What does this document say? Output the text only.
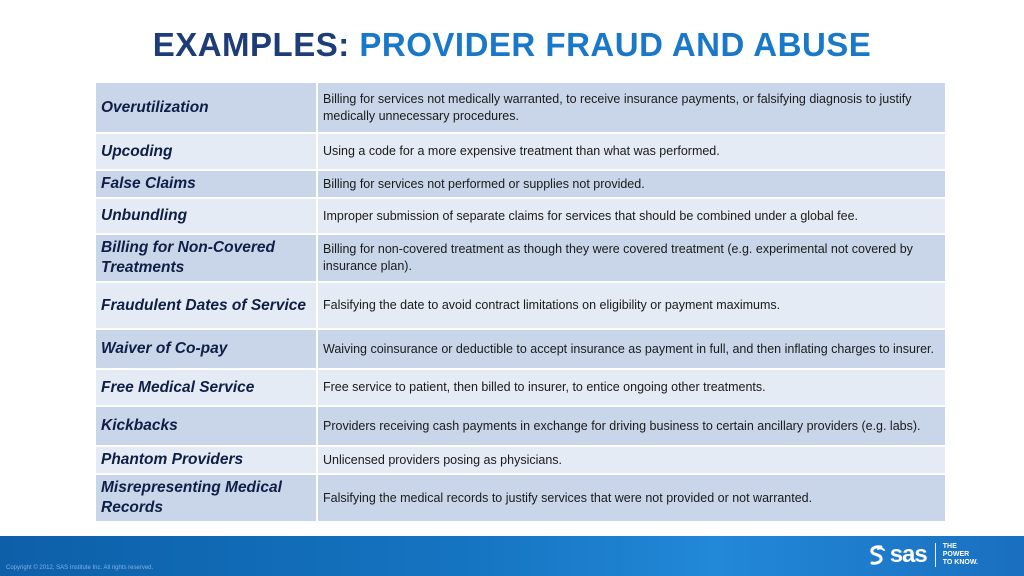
EXAMPLES: PROVIDER FRAUD AND ABUSE
Overutilization	Billing for services not medically warranted, to receive insurance payments, or falsifying diagnosis to justify medically unnecessary procedures.
Upcoding	Using a code for a more expensive treatment than what was performed.
False Claims	Billing for services not performed or supplies not provided.
Unbundling	Improper submission of separate claims for services that should be combined under a global fee.
Billing for Non-Covered Treatments	Billing for non-covered treatment as though they were covered treatment (e.g. experimental not covered by insurance plan).
Fraudulent Dates of Service	Falsifying the date to avoid contract limitations on eligibility or payment maximums.
Waiver of Co-pay	Waiving coinsurance or deductible to accept insurance as payment in full, and then inflating charges to insurer.
Free Medical Service	Free service to patient, then billed to insurer, to entice ongoing other treatments.
Kickbacks	Providers receiving cash payments in exchange for driving business to certain ancillary providers (e.g. labs).
Phantom Providers	Unlicensed providers posing as physicians.
Misrepresenting Medical Records	Falsifying the medical records to justify services that were not provided or not warranted.
Copyright © 2012, SAS Institute Inc. All rights reserved.	sas THE
POWER
TO KNOW.
